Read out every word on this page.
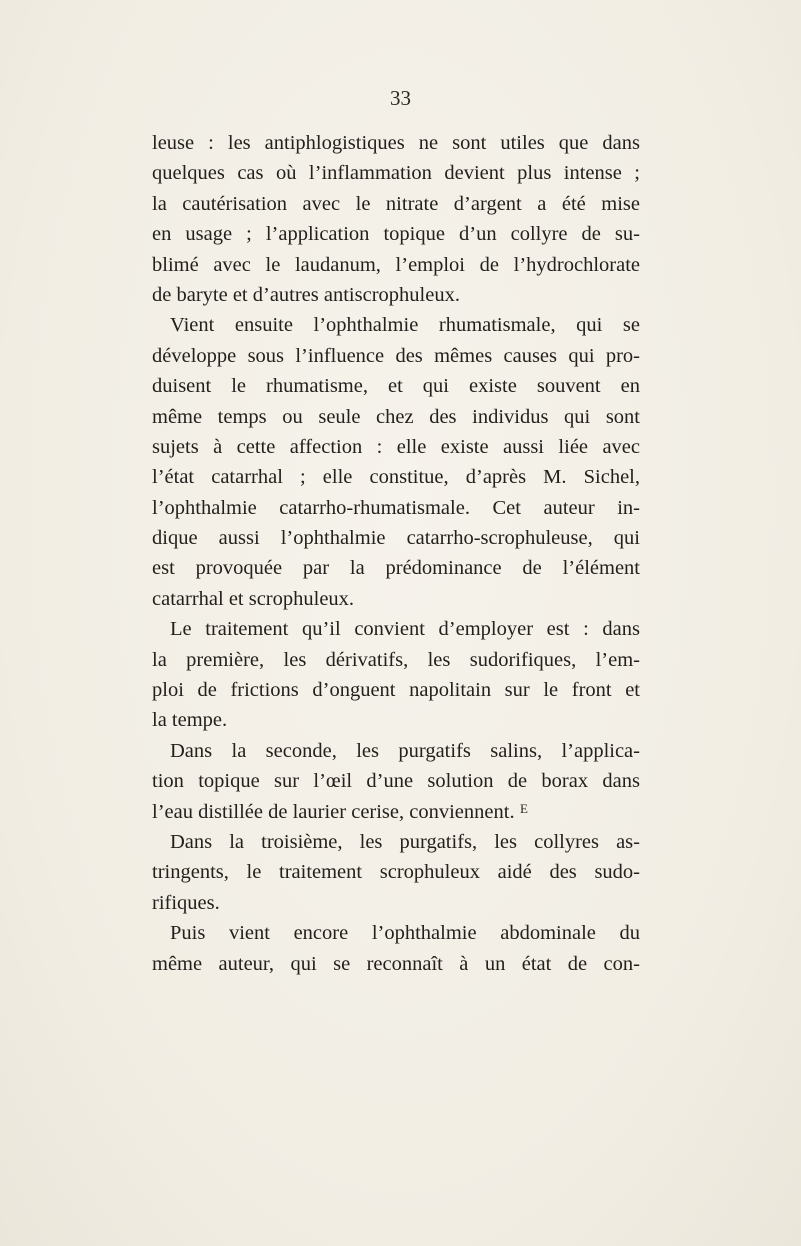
33
leuse : les antiphlogistiques ne sont utiles que dans
quelques cas où l’inflammation devient plus intense ;
la cautérisation avec le nitrate d’argent a été mise
en usage ; l’application topique d’un collyre de su-
blimé avec le laudanum, l’emploi de l’hydrochlorate
de baryte et d’autres antiscrophuleux.
Vient ensuite l’ophthalmie rhumatismale, qui se
développe sous l’influence des mêmes causes qui pro-
duisent le rhumatisme, et qui existe souvent en
même temps ou seule chez des individus qui sont
sujets à cette affection : elle existe aussi liée avec
l’état catarrhal ; elle constitue, d’après M. Sichel,
l’ophthalmie catarrho-rhumatismale. Cet auteur in-
dique aussi l’ophthalmie catarrho-scrophuleuse, qui
est provoquée par la prédominance de l’élément
catarrhal et scrophuleux.
Le traitement qu’il convient d’employer est : dans
la première, les dérivatifs, les sudorifiques, l’em-
ploi de frictions d’onguent napolitain sur le front et
la tempe.
Dans la seconde, les purgatifs salins, l’applica-
tion topique sur l’œil d’une solution de borax dans
l’eau distillée de laurier cerise, conviennent.
Dans la troisième, les purgatifs, les collyres as-
tringents, le traitement scrophuleux aidé des sudo-
rifiques.
Puis vient encore l’ophthalmie abdominale du
même auteur, qui se reconnaît à un état de con-
E
